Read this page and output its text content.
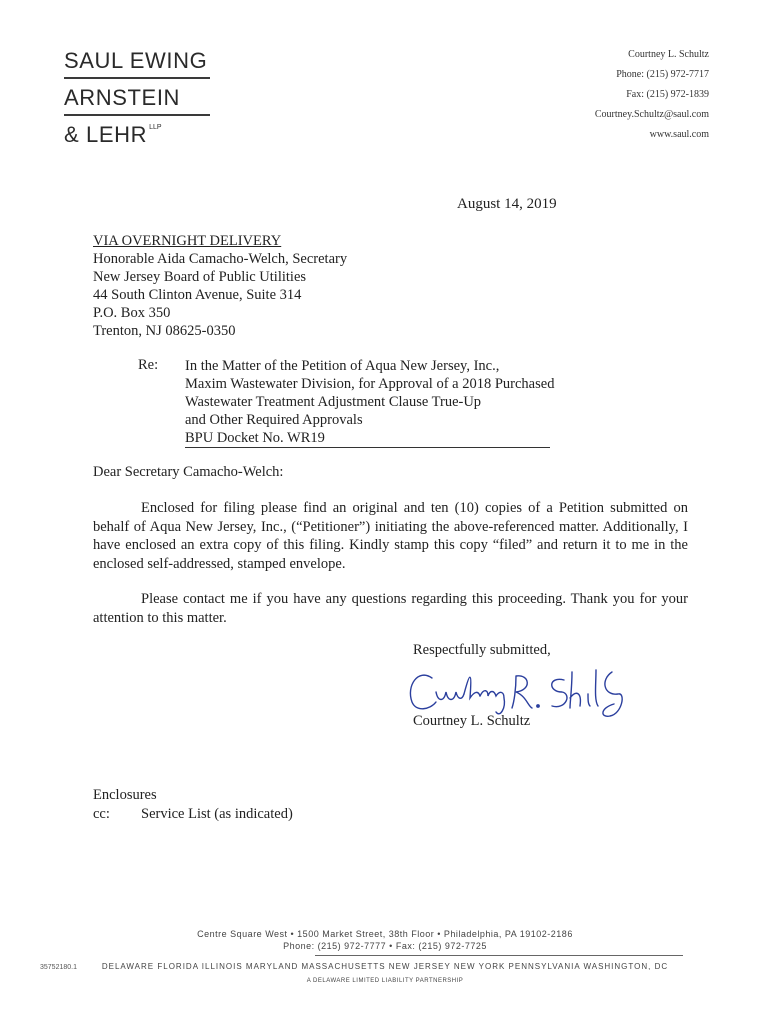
SAUL EWING
ARNSTEIN
& LEHR $^{LLP}$
Courtney L. Schultz
Phone: (215) 972-7717
Fax: (215) 972-1839
Courtney.Schultz@saul.com
www.saul.com
August 14, 2019
VIA OVERNIGHT DELIVERY
Honorable Aida Camacho-Welch, Secretary
New Jersey Board of Public Utilities
44 South Clinton Avenue, Suite 314
P.O. Box 350
Trenton, NJ 08625-0350
Re: In the Matter of the Petition of Aqua New Jersey, Inc.,
Maxim Wastewater Division, for Approval of a 2018 Purchased
Wastewater Treatment Adjustment Clause True-Up
and Other Required Approvals
BPU Docket No. WR19
Dear Secretary Camacho-Welch:
Enclosed for filing please find an original and ten (10) copies of a Petition submitted on behalf of Aqua New Jersey, Inc., (“Petitioner”) initiating the above-referenced matter. Additionally, I have enclosed an extra copy of this filing. Kindly stamp this copy “filed” and return it to me in the enclosed self-addressed, stamped envelope.
Please contact me if you have any questions regarding this proceeding. Thank you for your attention to this matter.
Respectfully submitted,
Courtney L. Schultz
Enclosures
cc: Service List (as indicated)
Centre Square West • 1500 Market Street, 38th Floor • Philadelphia, PA 19102-2186
Phone: (215) 972-7777 • Fax: (215) 972-7725
35752180.1	DELAWARE FLORIDA ILLINOIS MARYLAND MASSACHUSETTS NEW JERSEY NEW YORK PENNSYLVANIA WASHINGTON, DC
A DELAWARE LIMITED LIABILITY PARTNERSHIP
